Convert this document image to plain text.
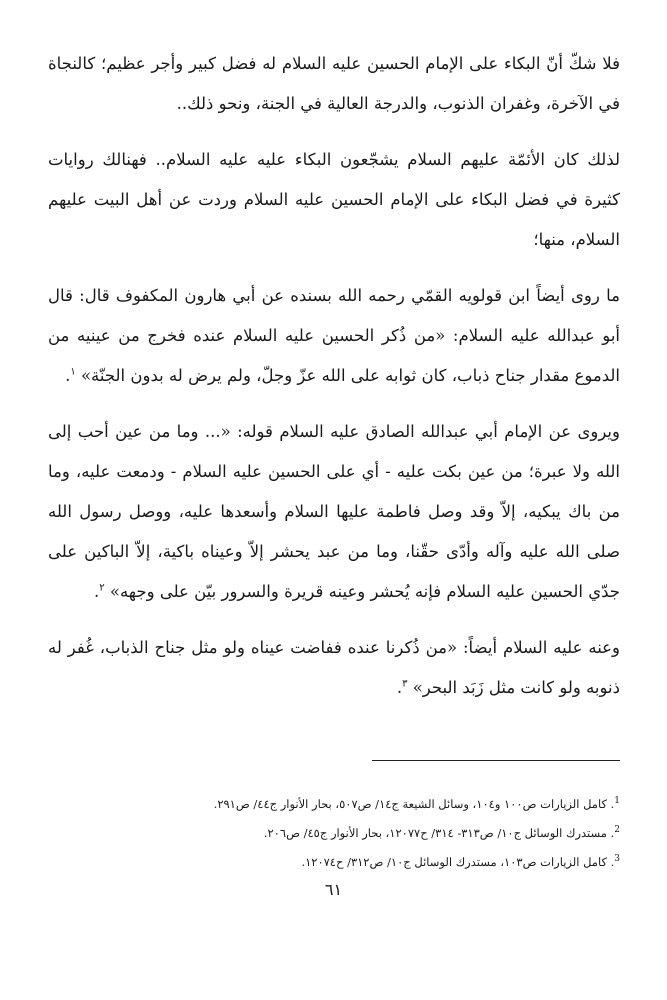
فلا شكّ أنّ البكاء على الإمام الحسين عليه السلام له فضل كبير وأجر عظيم؛ كالنجاة في الآخرة، وغفران الذنوب، والدرجة العالية في الجنة، ونحو ذلك..

لذلك كان الأئمّة عليهم السلام يشجّعون البكاء عليه عليه السلام.. فهنالك روايات كثيرة في فضل البكاء على الإمام الحسين عليه السلام وردت عن أهل البيت عليهم السلام، منها؛

ما روى أيضاً ابن قولويه القمّي رحمه الله بسنده عن أبي هارون المكفوف قال: قال أبو عبدالله عليه السلام: «من ذُكر الحسين عليه السلام عنده فخرج من عينيه من الدموع مقدار جناح ذباب، كان ثوابه على الله عزّ وجلّ، ولم يرض له بدون الجنّة» $^١$.

ويروى عن الإمام أبي عبدالله الصادق عليه السلام قوله: «... وما من عين أحب إلى الله ولا عبرة؛ من عين بكت عليه - أي على الحسين عليه السلام - ودمعت عليه، وما من باك يبكيه، إلاّ وقد وصل فاطمة عليها السلام وأسعدها عليه، ووصل رسول الله صلى الله عليه وآله وأدّى حقّنا، وما من عبد يحشر إلاّ وعيناه باكية، إلاّ الباكين على جدّي الحسين عليه السلام فإنه يُحشر وعينه قريرة والسرور بيّن على وجهه» $^٢$.

وعنه عليه السلام أيضاً: «من ذُكرنا عنده ففاضت عيناه ولو مثل جناح الذباب، غُفر له ذنوبه ولو كانت مثل زَبَد البحر» $^٣$.

$^1$. كامل الزيارات ص١٠٠ و١٠٤، وسائل الشيعة ج١٤/ ص٥٠٧، بحار الأنوار ج٤٤/ ص٢٩١.
$^2$. مستدرك الوسائل ج١٠/ ص٣١٣- ٣١٤/ ح١٢٠٧٧، بحار الأنوار ج٤٥/ ص٢٠٦.
$^3$. كامل الزيارات ص١٠٣، مستدرك الوسائل ج١٠/ ص٣١٢/ ح١٢٠٧٤.
٦١
